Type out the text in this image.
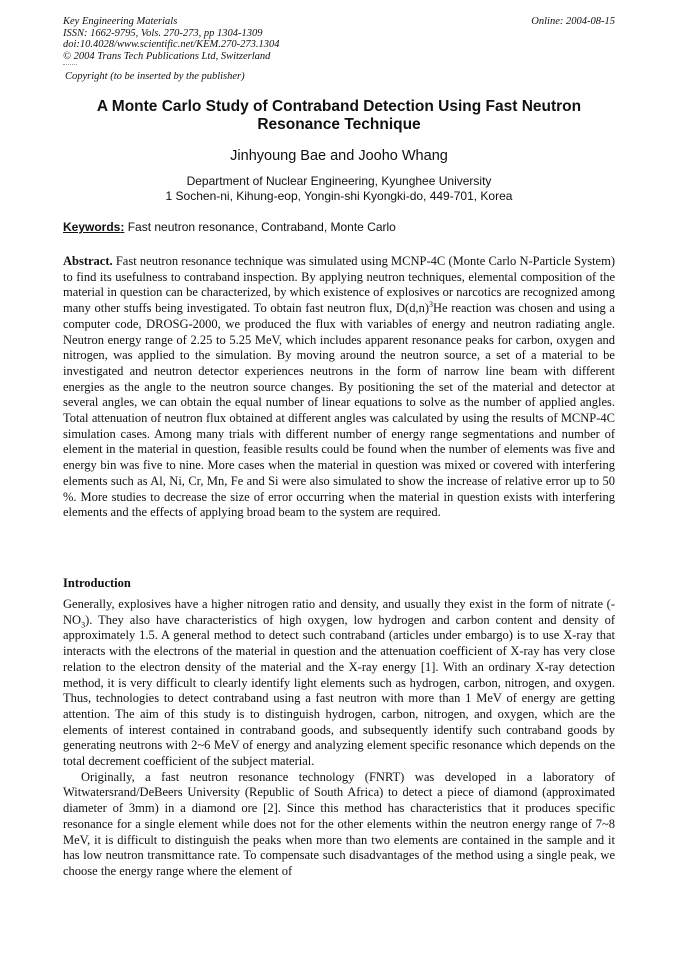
Key Engineering Materials
ISSN: 1662-9795, Vols. 270-273, pp 1304-1309
doi:10.4028/www.scientific.net/KEM.270-273.1304
© 2004 Trans Tech Publications Ltd, Switzerland
Online: 2004-08-15
Copyright (to be inserted by the publisher)
A Monte Carlo Study of Contraband Detection Using Fast Neutron
Resonance Technique
Jinhyoung Bae and Jooho Whang
Department of Nuclear Engineering, Kyunghee University
1 Sochen-ni, Kihung-eop, Yongin-shi Kyongki-do, 449-701, Korea
Keywords: Fast neutron resonance, Contraband, Monte Carlo
Abstract. Fast neutron resonance technique was simulated using MCNP-4C (Monte Carlo N-Particle System) to find its usefulness to contraband inspection. By applying neutron techniques, elemental composition of the material in question can be characterized, by which existence of explosives or narcotics are recognized among many other stuffs being investigated. To obtain fast neutron flux, $D(d,n)^3He$ reaction was chosen and using a computer code, DROSG-2000, we produced the flux with variables of energy and neutron radiating angle. Neutron energy range of 2.25 to 5.25 MeV, which includes apparent resonance peaks for carbon, oxygen and nitrogen, was applied to the simulation. By moving around the neutron source, a set of a material to be investigated and neutron detector experiences neutrons in the form of narrow line beam with different energies as the angle to the neutron source changes. By positioning the set of the material and detector at several angles, we can obtain the equal number of linear equations to solve as the number of applied angles. Total attenuation of neutron flux obtained at different angles was calculated by using the results of MCNP-4C simulation cases. Among many trials with different number of energy range segmentations and number of element in the material in question, feasible results could be found when the number of elements was five and energy bin was five to nine. More cases when the material in question was mixed or covered with interfering elements such as Al, Ni, Cr, Mn, Fe and Si were also simulated to show the increase of relative error up to 50 %. More studies to decrease the size of error occurring when the material in question exists with interfering elements and the effects of applying broad beam to the system are required.
Introduction

Generally, explosives have a higher nitrogen ratio and density, and usually they exist in the form of nitrate $(-NO_3)$. They also have characteristics of high oxygen, low hydrogen and carbon content and density of approximately 1.5. A general method to detect such contraband (articles under embargo) is to use X-ray that interacts with the electrons of the material in question and the attenuation coefficient of X-ray has very close relation to the electron density of the material and the X-ray energy [1]. With an ordinary X-ray detection method, it is very difficult to clearly identify light elements such as hydrogen, carbon, nitrogen, and oxygen. Thus, technologies to detect contraband using a fast neutron with more than 1 MeV of energy are getting attention. The aim of this study is to distinguish hydrogen, carbon, nitrogen, and oxygen, which are the elements of interest contained in contraband goods, and subsequently identify such contraband goods by generating neutrons with 2~6 MeV of energy and analyzing element specific resonance which depends on the total decrement coefficient of the subject material.

Originally, a fast neutron resonance technology (FNRT) was developed in a laboratory of Witwatersrand/DeBeers University (Republic of South Africa) to detect a piece of diamond (approximated diameter of 3mm) in a diamond ore [2]. Since this method has characteristics that it produces specific resonance for a single element while does not for the other elements within the neutron energy range of 7~8 MeV, it is difficult to distinguish the peaks when more than two elements are contained in the sample and it has low neutron transmittance rate. To compensate such disadvantages of the method using a single peak, we choose the energy range where the element of
